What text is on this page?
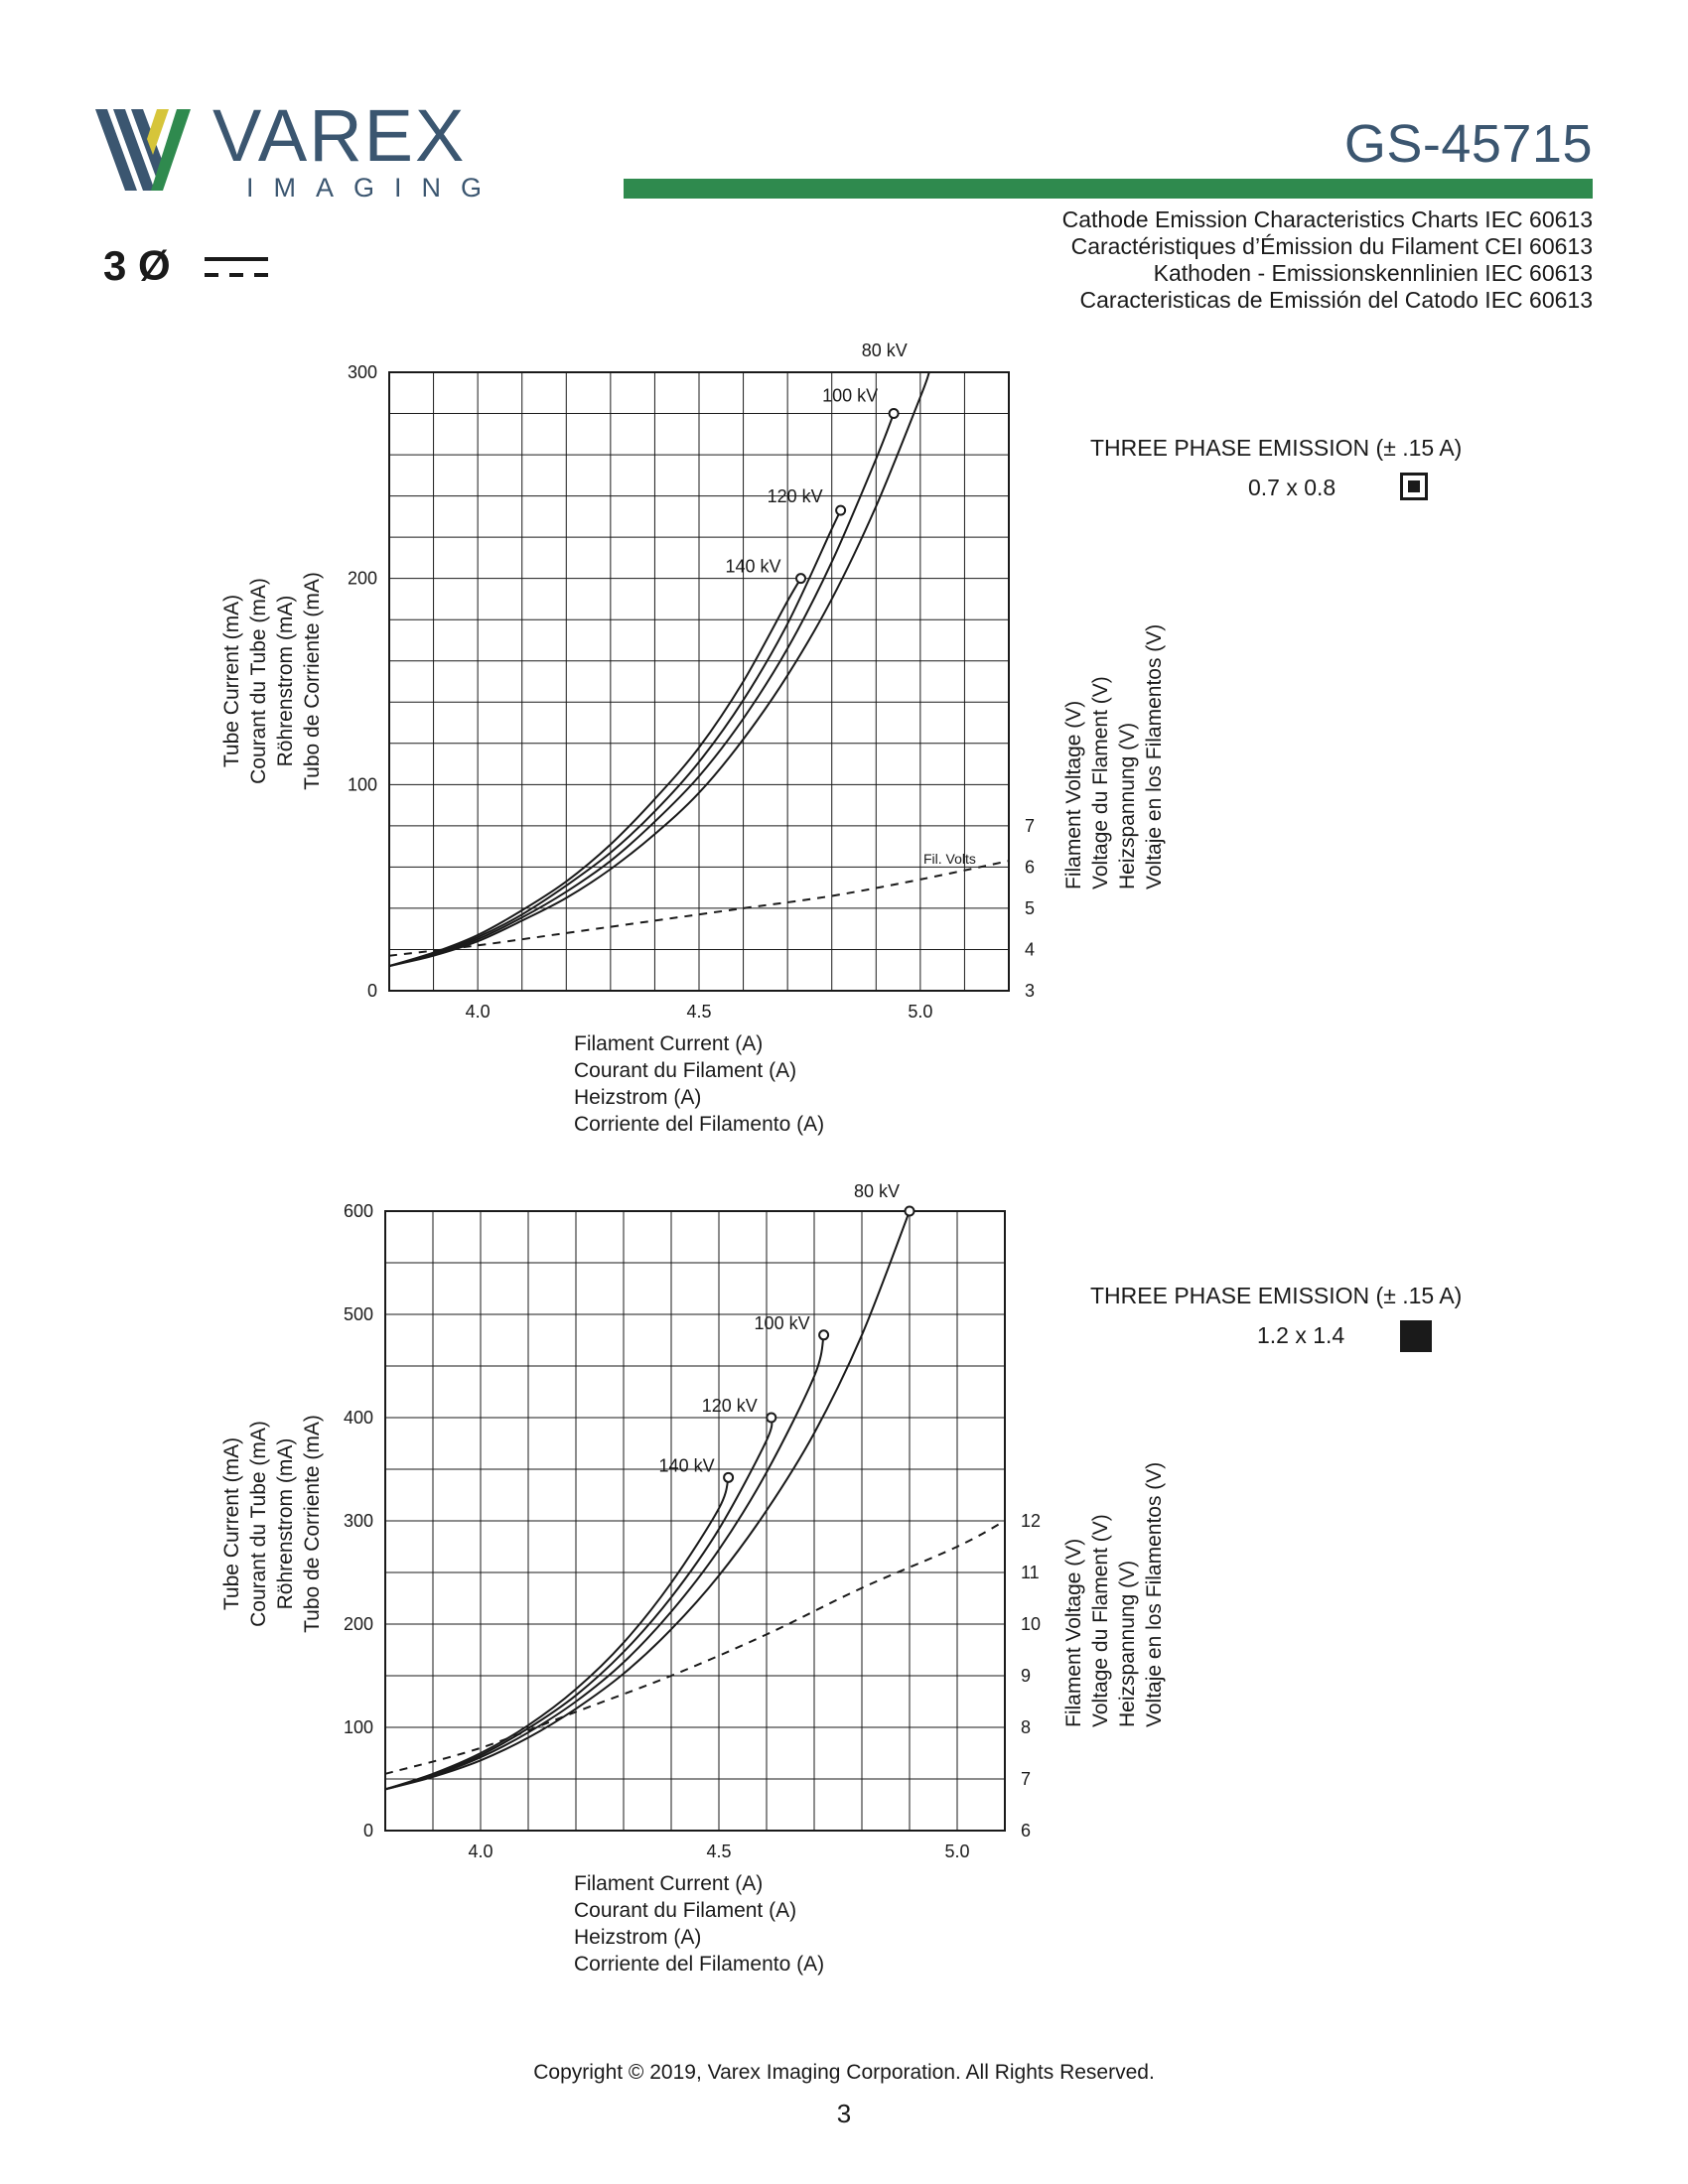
VAREX
IMAGING
GS-45715
Cathode Emission Characteristics Charts IEC 60613
Caractéristiques d’Émission du Filament CEI 60613
Kathoden - Emissionskennlinien IEC 60613
Caracteristicas de Emissión del Catodo IEC 60613
3 Ø
4.0	4.5	5.0
0
100
200
300
3
4
5
6
7
80 kV
100 kV
120 kV
140 kV
Fil. Volts
Filament Current (A)
Courant du Filament (A)
Heizstrom (A)
Corriente del Filamento (A)
Tube Current (mA) Courant du Tube (mA) Röhrenstrom (mA) Tubo de Corriente (mA)
Filament Voltage (V) Voltage du Flament (V) Heizspannung (V) Voltaje en los Filamentos (V)
THREE PHASE EMISSION (± .15 A)
0.7 x 0.8
4.0	4.5	5.0
0
100
200
300
400
500
600
6
7
8
9
10
11
12
80 kV
100 kV
120 kV
140 kV
Filament Current (A)
Courant du Filament (A)
Heizstrom (A)
Corriente del Filamento (A)
Tube Current (mA) Courant du Tube (mA) Röhrenstrom (mA) Tubo de Corriente (mA)	Filament Voltage (V) Voltage du Flament (V) Heizspannung (V) Voltaje en los Filamentos (V)
THREE PHASE EMISSION (± .15 A)
1.2 x 1.4
Copyright © 2019, Varex Imaging Corporation. All Rights Reserved.
3
